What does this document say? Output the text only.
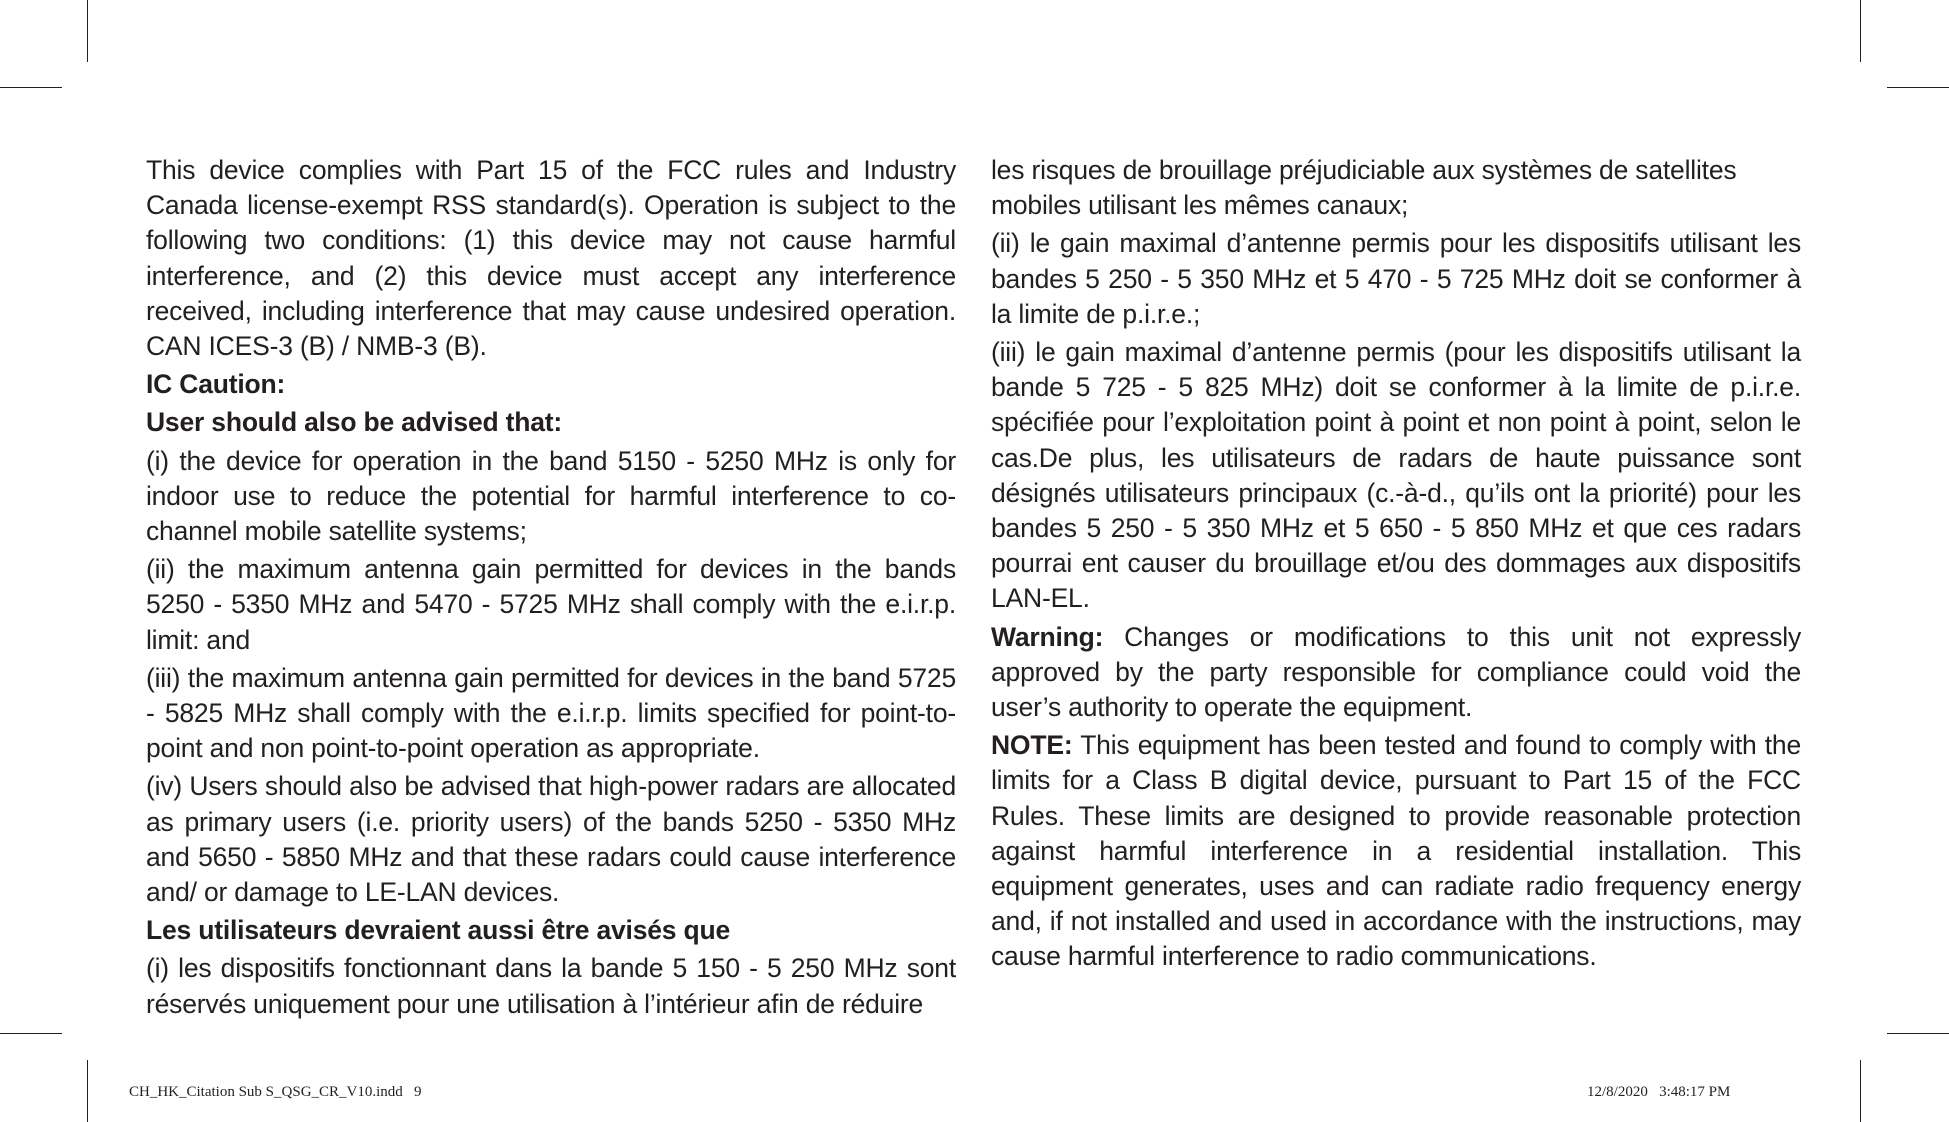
This device complies with Part 15 of the FCC rules and Industry Canada license-exempt RSS standard(s). Operation is subject to the following two conditions: (1) this device may not cause harmful interference, and (2) this device must accept any interference received, including interference that may cause undesired operation. CAN ICES-3 (B) / NMB-3 (B).

IC Caution:
User should also be advised that:

(i) the device for operation in the band 5150 - 5250 MHz is only for indoor use to reduce the potential for harmful interference to co-channel mobile satellite systems;

(ii) the maximum antenna gain permitted for devices in the bands 5250 - 5350 MHz and 5470 - 5725 MHz shall comply with the e.i.r.p. limit: and

(iii) the maximum antenna gain permitted for devices in the band 5725 - 5825 MHz shall comply with the e.i.r.p. limits specified for point-to-point and non point-to-point operation as appropriate.

(iv) Users should also be advised that high-power radars are allocated as primary users (i.e. priority users) of the bands 5250 - 5350 MHz and 5650 - 5850 MHz and that these radars could cause interference and/ or damage to LE-LAN devices.

Les utilisateurs devraient aussi être avisés que

(i) les dispositifs fonctionnant dans la bande 5 150 - 5 250 MHz sont réservés uniquement pour une utilisation à l’intérieur afin de réduire

les risques de brouillage préjudiciable aux systèmes de satellites mobiles utilisant les mêmes canaux;

(ii) le gain maximal d’antenne permis pour les dispositifs utilisant les bandes 5 250 - 5 350 MHz et 5 470 - 5 725 MHz doit se conformer à la limite de p.i.r.e.;

(iii) le gain maximal d’antenne permis (pour les dispositifs utilisant la bande 5 725 - 5 825 MHz) doit se conformer à la limite de p.i.r.e. spécifiée pour l’exploitation point à point et non point à point, selon le cas.De plus, les utilisateurs de radars de haute puissance sont désignés utilisateurs principaux (c.-à-d., qu’ils ont la priorité) pour les bandes 5 250 - 5 350 MHz et 5 650 - 5 850 MHz et que ces radars pourrai ent causer du brouillage et/ou des dommages aux dispositifs LAN-EL.

Warning: Changes or modifications to this unit not expressly approved by the party responsible for compliance could void the user’s authority to operate the equipment.

NOTE: This equipment has been tested and found to comply with the limits for a Class B digital device, pursuant to Part 15 of the FCC Rules. These limits are designed to provide reasonable protection against harmful interference in a residential installation. This equipment generates, uses and can radiate radio frequency energy and, if not installed and used in accordance with the instructions, may cause harmful interference to radio communications.

CH_HK_Citation Sub S_QSG_CR_V10.indd   9	12/8/2020   3:48:17 PM
